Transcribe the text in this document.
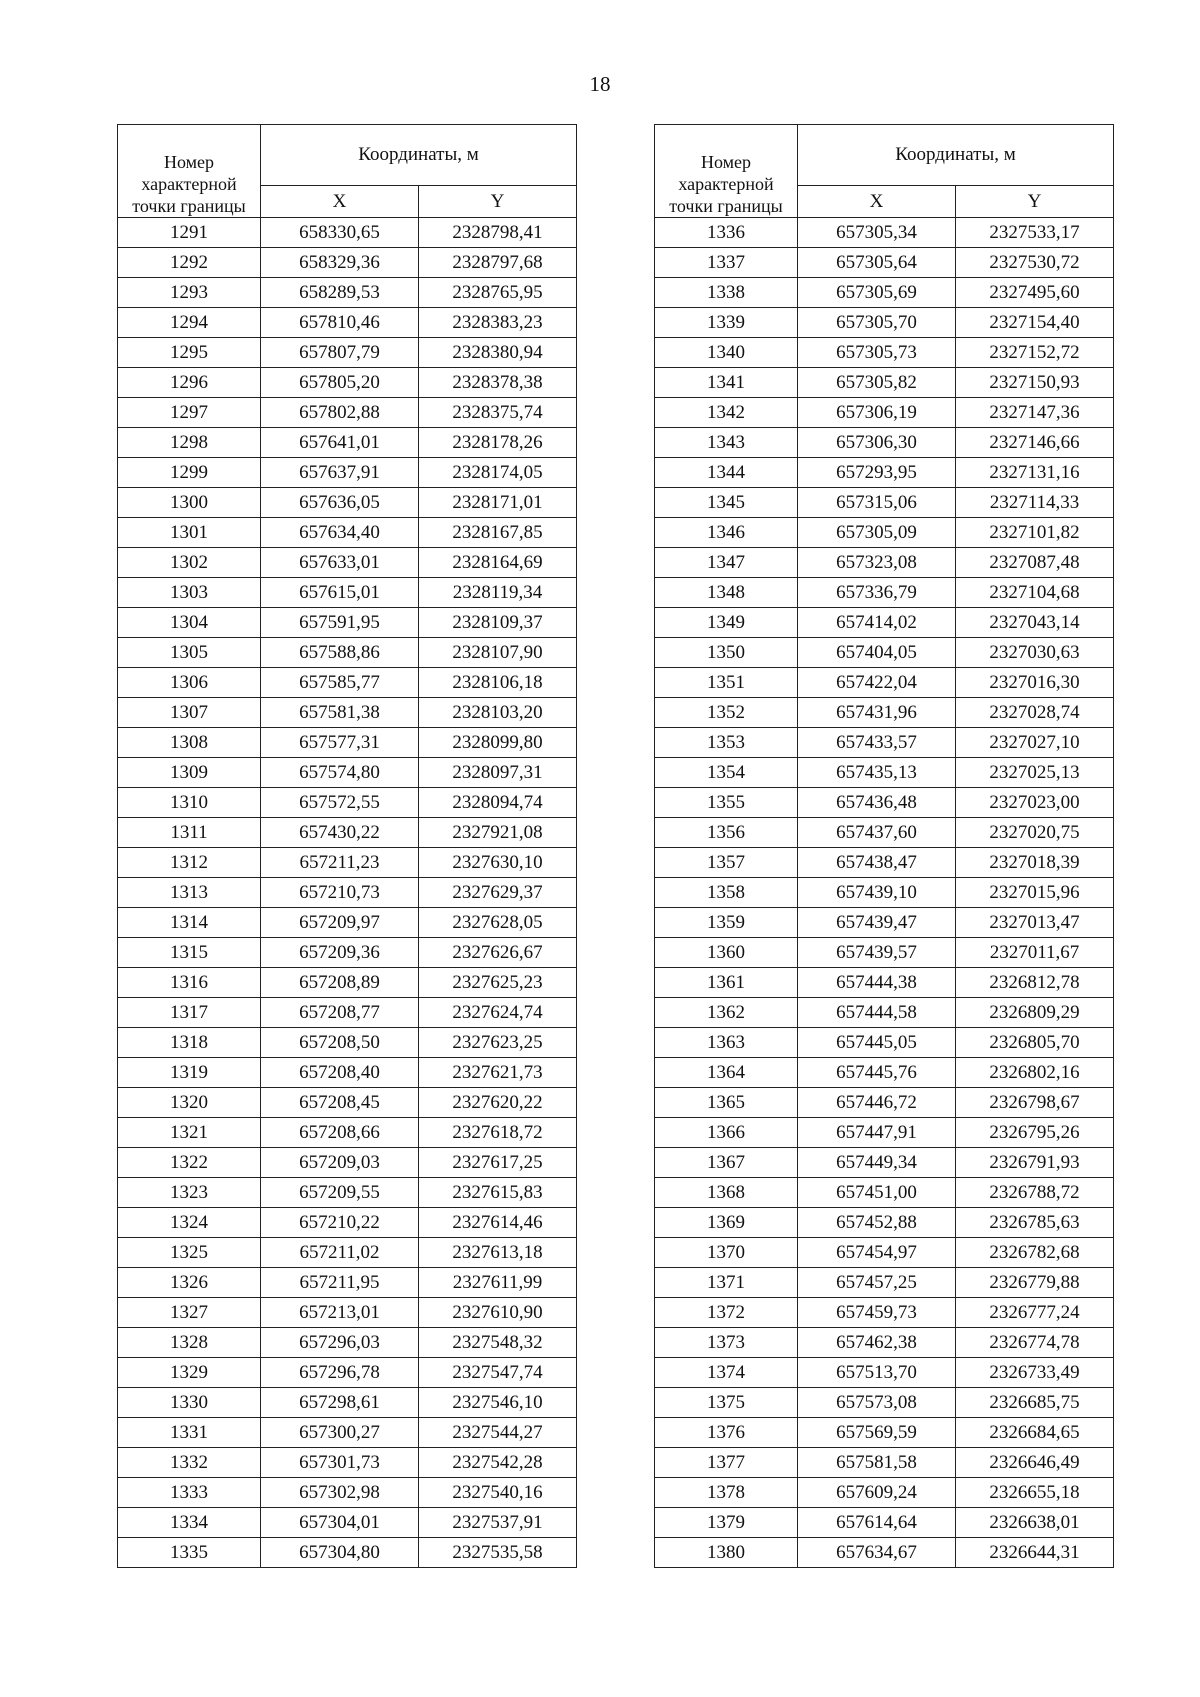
18
Номер характерной точки границы	Координаты, м	
	X	Y
1291	658330,65	2328798,41
1292	658329,36	2328797,68
1293	658289,53	2328765,95
1294	657810,46	2328383,23
1295	657807,79	2328380,94
1296	657805,20	2328378,38
1297	657802,88	2328375,74
1298	657641,01	2328178,26
1299	657637,91	2328174,05
1300	657636,05	2328171,01
1301	657634,40	2328167,85
1302	657633,01	2328164,69
1303	657615,01	2328119,34
1304	657591,95	2328109,37
1305	657588,86	2328107,90
1306	657585,77	2328106,18
1307	657581,38	2328103,20
1308	657577,31	2328099,80
1309	657574,80	2328097,31
1310	657572,55	2328094,74
1311	657430,22	2327921,08
1312	657211,23	2327630,10
1313	657210,73	2327629,37
1314	657209,97	2327628,05
1315	657209,36	2327626,67
1316	657208,89	2327625,23
1317	657208,77	2327624,74
1318	657208,50	2327623,25
1319	657208,40	2327621,73
1320	657208,45	2327620,22
1321	657208,66	2327618,72
1322	657209,03	2327617,25
1323	657209,55	2327615,83
1324	657210,22	2327614,46
1325	657211,02	2327613,18
1326	657211,95	2327611,99
1327	657213,01	2327610,90
1328	657296,03	2327548,32
1329	657296,78	2327547,74
1330	657298,61	2327546,10
1331	657300,27	2327544,27
1332	657301,73	2327542,28
1333	657302,98	2327540,16
1334	657304,01	2327537,91
1335	657304,80	2327535,58
Номер характерной точки границы	Координаты, м	
	X	Y
1336	657305,34	2327533,17
1337	657305,64	2327530,72
1338	657305,69	2327495,60
1339	657305,70	2327154,40
1340	657305,73	2327152,72
1341	657305,82	2327150,93
1342	657306,19	2327147,36
1343	657306,30	2327146,66
1344	657293,95	2327131,16
1345	657315,06	2327114,33
1346	657305,09	2327101,82
1347	657323,08	2327087,48
1348	657336,79	2327104,68
1349	657414,02	2327043,14
1350	657404,05	2327030,63
1351	657422,04	2327016,30
1352	657431,96	2327028,74
1353	657433,57	2327027,10
1354	657435,13	2327025,13
1355	657436,48	2327023,00
1356	657437,60	2327020,75
1357	657438,47	2327018,39
1358	657439,10	2327015,96
1359	657439,47	2327013,47
1360	657439,57	2327011,67
1361	657444,38	2326812,78
1362	657444,58	2326809,29
1363	657445,05	2326805,70
1364	657445,76	2326802,16
1365	657446,72	2326798,67
1366	657447,91	2326795,26
1367	657449,34	2326791,93
1368	657451,00	2326788,72
1369	657452,88	2326785,63
1370	657454,97	2326782,68
1371	657457,25	2326779,88
1372	657459,73	2326777,24
1373	657462,38	2326774,78
1374	657513,70	2326733,49
1375	657573,08	2326685,75
1376	657569,59	2326684,65
1377	657581,58	2326646,49
1378	657609,24	2326655,18
1379	657614,64	2326638,01
1380	657634,67	2326644,31
